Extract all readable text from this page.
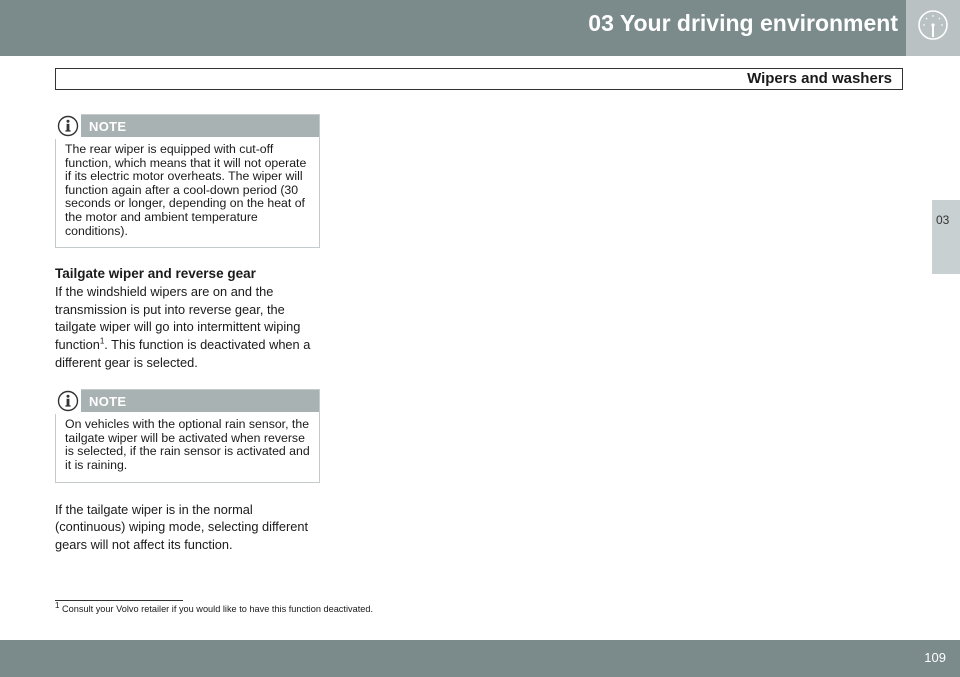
03 Your driving environment
Wipers and washers
03
NOTE
The rear wiper is equipped with cut-off function, which means that it will not operate if its electric motor overheats. The wiper will function again after a cool-down period (30 seconds or longer, depending on the heat of the motor and ambient temperature conditions).
Tailgate wiper and reverse gear

If the windshield wipers are on and the transmission is put into reverse gear, the tailgate wiper will go into intermittent wiping function$^1$. This function is deactivated when a different gear is selected.

NOTE
On vehicles with the optional rain sensor, the tailgate wiper will be activated when reverse is selected, if the rain sensor is activated and it is raining.

If the tailgate wiper is in the normal (continuous) wiping mode, selecting different gears will not affect its function.

$^1$ Consult your Volvo retailer if you would like to have this function deactivated.
109
